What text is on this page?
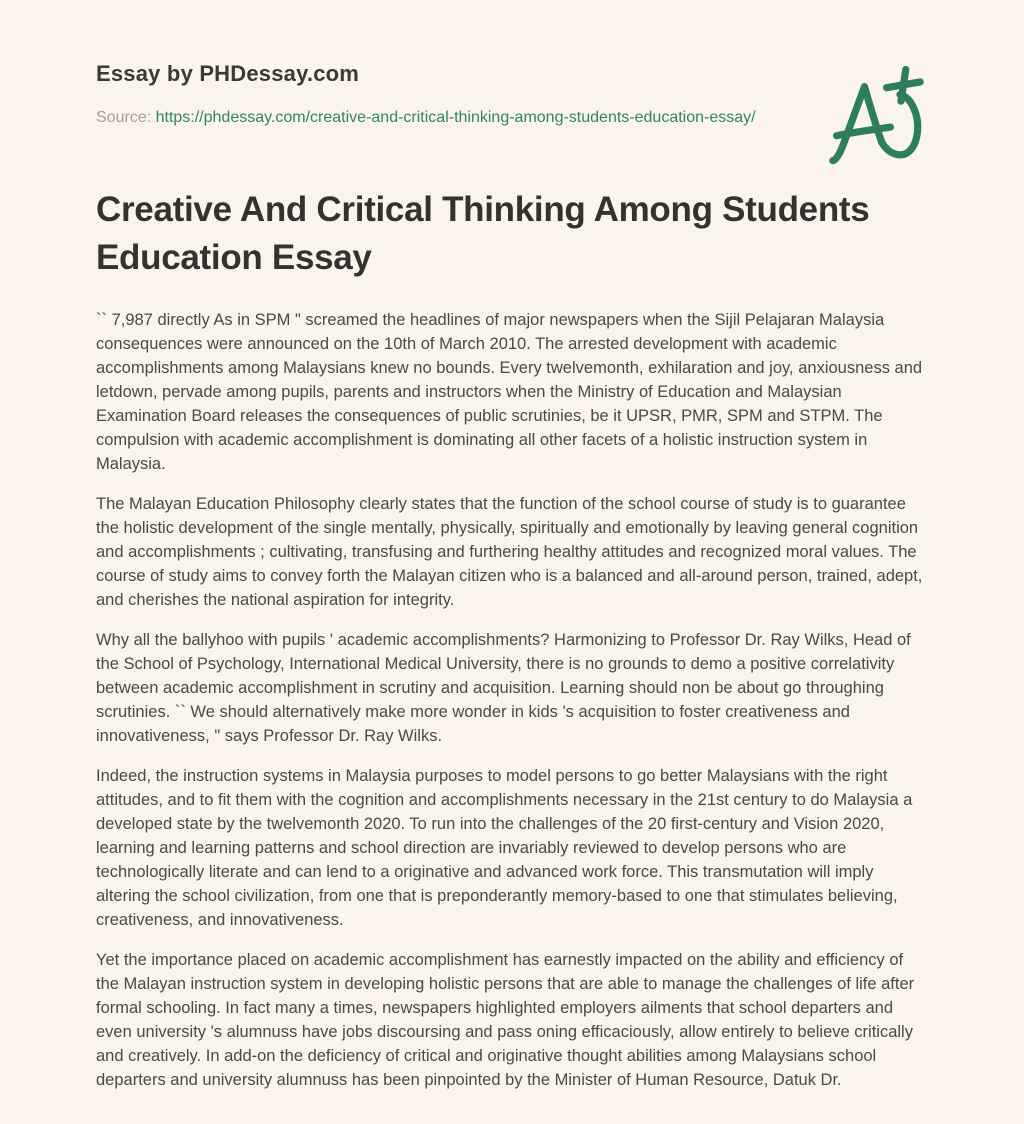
Essay by PHDessay.com
Source: https://phdessay.com/creative-and-critical-thinking-among-students-education-essay/
Creative And Critical Thinking Among Students Education Essay

`` 7,987 directly As in SPM " screamed the headlines of major newspapers when the Sijil Pelajaran Malaysia consequences were announced on the 10th of March 2010. The arrested development with academic accomplishments among Malaysians knew no bounds. Every twelvemonth, exhilaration and joy, anxiousness and letdown, pervade among pupils, parents and instructors when the Ministry of Education and Malaysian Examination Board releases the consequences of public scrutinies, be it UPSR, PMR, SPM and STPM. The compulsion with academic accomplishment is dominating all other facets of a holistic instruction system in Malaysia.

The Malayan Education Philosophy clearly states that the function of the school course of study is to guarantee the holistic development of the single mentally, physically, spiritually and emotionally by leaving general cognition and accomplishments ; cultivating, transfusing and furthering healthy attitudes and recognized moral values. The course of study aims to convey forth the Malayan citizen who is a balanced and all-around person, trained, adept, and cherishes the national aspiration for integrity.

Why all the ballyhoo with pupils ' academic accomplishments? Harmonizing to Professor Dr. Ray Wilks, Head of the School of Psychology, International Medical University, there is no grounds to demo a positive correlativity between academic accomplishment in scrutiny and acquisition. Learning should non be about go throughing scrutinies. `` We should alternatively make more wonder in kids 's acquisition to foster creativeness and innovativeness, " says Professor Dr. Ray Wilks.

Indeed, the instruction systems in Malaysia purposes to model persons to go better Malaysians with the right attitudes, and to fit them with the cognition and accomplishments necessary in the 21st century to do Malaysia a developed state by the twelvemonth 2020. To run into the challenges of the 20 first-century and Vision 2020, learning and learning patterns and school direction are invariably reviewed to develop persons who are technologically literate and can lend to a originative and advanced work force. This transmutation will imply altering the school civilization, from one that is preponderantly memory-based to one that stimulates believing, creativeness, and innovativeness.

Yet the importance placed on academic accomplishment has earnestly impacted on the ability and efficiency of the Malayan instruction system in developing holistic persons that are able to manage the challenges of life after formal schooling. In fact many a times, newspapers highlighted employers ailments that school departers and even university 's alumnuss have jobs discoursing and pass oning efficaciously, allow entirely to believe critically and creatively. In add-on the deficiency of critical and originative thought abilities among Malaysians school departers and university alumnuss has been pinpointed by the Minister of Human Resource, Datuk Dr.
